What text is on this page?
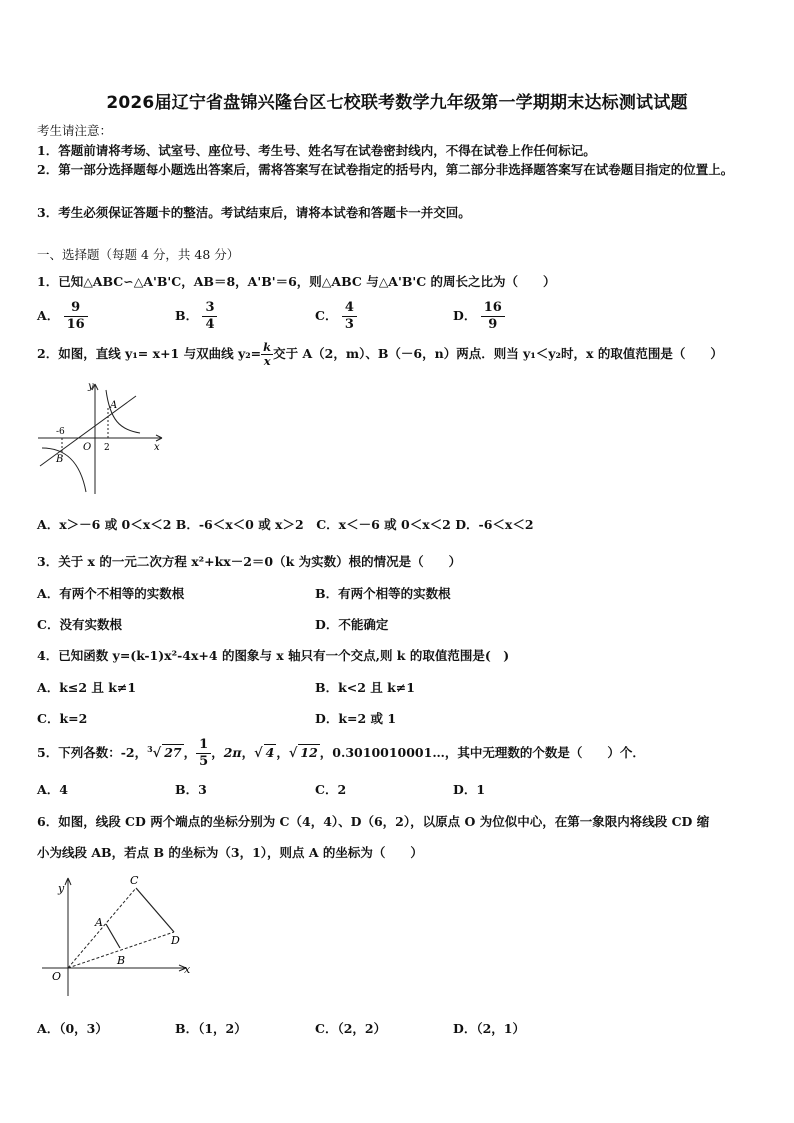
2026届辽宁省盘锦兴隆台区七校联考数学九年级第一学期期末达标测试试题
考生请注意：
1．答题前请将考场、试室号、座位号、考生号、姓名写在试卷密封线内，不得在试卷上作任何标记。
2．第一部分选择题每小题选出答案后，需将答案写在试卷指定的括号内，第二部分非选择题答案写在试卷题目指定的位置上。
3．考生必须保证答题卡的整洁。考试结束后，请将本试卷和答题卡一并交回。
一、选择题（每题 4 分，共 48 分）
1．已知△ABC∽△A'B'C，AB＝8，A'B'＝6，则△ABC 与△A'B'C 的周长之比为（　　）
A． $\frac{9}{16}$	B． $\frac{3}{4}$	C． $\frac{4}{3}$	D． $\frac{16}{9}$
2．如图，直线 y₁= x+1 与双曲线 $y_2= \frac{k}{x}$ 交于 A（2，m）、B（－6，n）两点．则当 y₁＜y₂时，x 的取值范围是（　　）
y
x
O
A
B
-6
2
A．x＞－6 或 0＜x＜2 B．-6＜x＜0 或 x＞2　C．x＜－6 或 0＜x＜2 D．-6＜x＜2
3．关于 x 的一元二次方程 x²+kx－2＝0（k 为实数）根的情况是（　　）
A．有两个不相等的实数根	B．有两个相等的实数根
C．没有实数根	D．不能确定
4．已知函数 y=(k-1)x²-4x+4 的图象与 x 轴只有一个交点,则 k 的取值范围是(　)
A．k≤2 且 k≠1	B．k<2 且 k≠1
C．k=2	D．k=2 或 1
5．下列各数：-2，$^3$√ 27 ， $\frac{1}{5}$ ，2π，√ 4 ，√ 12 ，0.3010010001…，其中无理数的个数是（　　）个．
A．4	B．3	C．2	D．1
6．如图，线段 CD 两个端点的坐标分别为 C（4，4）、D（6，2），以原点 O 为位似中心，在第一象限内将线段 CD 缩
小为线段 AB，若点 B 的坐标为（3，1），则点 A 的坐标为（　　）
y
x
O
A
B
C
D
A．（0，3）	B．（1，2）	C．（2，2）	D．（2，1）
